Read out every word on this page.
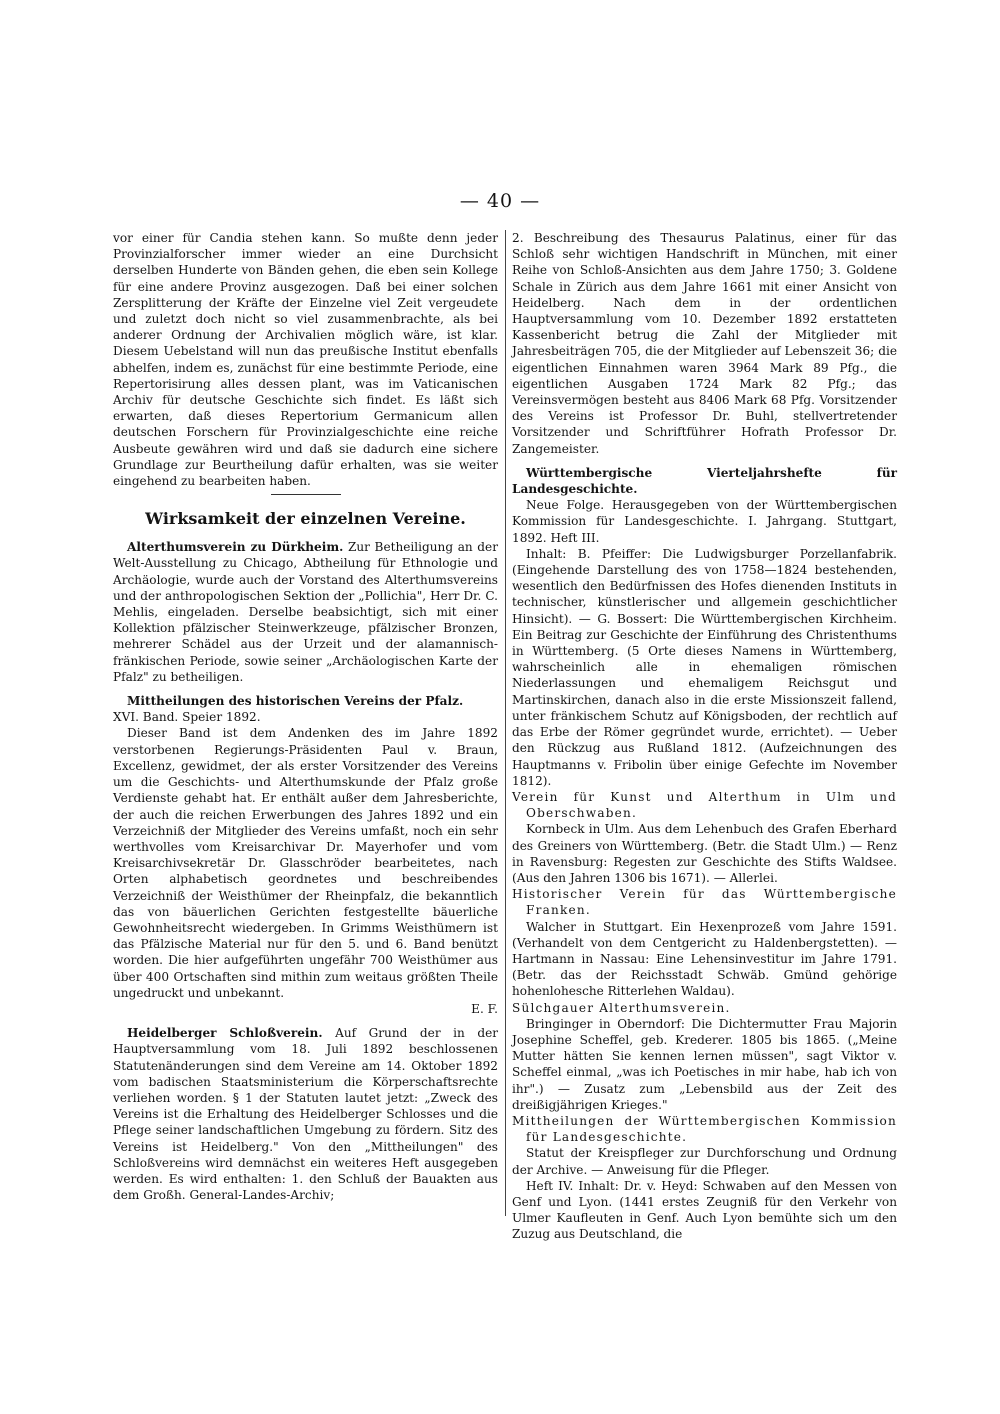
— 40 —

vor einer für Candia stehen kann. So mußte denn jeder Provinzialforscher immer wieder an eine Durchsicht derselben Hunderte von Bänden gehen, die eben sein Kollege für eine andere Provinz ausgezogen. Daß bei einer solchen Zersplitterung der Kräfte der Einzelne viel Zeit vergeudete und zuletzt doch nicht so viel zusammenbrachte, als bei anderer Ordnung der Archivalien möglich wäre, ist klar. Diesem Uebelstand will nun das preußische Institut ebenfalls abhelfen, indem es, zunächst für eine bestimmte Periode, eine Repertorisirung alles dessen plant, was im Vaticanischen Archiv für deutsche Geschichte sich findet. Es läßt sich erwarten, daß dieses Repertorium Germanicum allen deutschen Forschern für Provinzialgeschichte eine reiche Ausbeute gewähren wird und daß sie dadurch eine sichere Grundlage zur Beurtheilung dafür erhalten, was sie weiter eingehend zu bearbeiten haben.

Wirksamkeit der einzelnen Vereine.

Alterthumsverein zu Dürkheim. Zur Betheiligung an der Welt-Ausstellung zu Chicago, Abtheilung für Ethnologie und Archäologie, wurde auch der Vorstand des Alterthumsvereins und der anthropologischen Sektion der „Pollichia", Herr Dr. C. Mehlis, eingeladen. Derselbe beabsichtigt, sich mit einer Kollektion pfälzischer Steinwerkzeuge, pfälzischer Bronzen, mehrerer Schädel aus der Urzeit und der alamannisch-fränkischen Periode, sowie seiner „Archäologischen Karte der Pfalz" zu betheiligen.

Mittheilungen des historischen Vereins der Pfalz.

XVI. Band. Speier 1892.

Dieser Band ist dem Andenken des im Jahre 1892 verstorbenen Regierungs-Präsidenten Paul v. Braun, Excellenz, gewidmet, der als erster Vorsitzender des Vereins um die Geschichts- und Alterthumskunde der Pfalz große Verdienste gehabt hat. Er enthält außer dem Jahresberichte, der auch die reichen Erwerbungen des Jahres 1892 und ein Verzeichniß der Mitglieder des Vereins umfaßt, noch ein sehr werthvolles vom Kreisarchivar Dr. Mayerhofer und vom Kreisarchivsekretär Dr. Glasschröder bearbeitetes, nach Orten alphabetisch geordnetes und beschreibendes Verzeichniß der Weisthümer der Rheinpfalz, die bekanntlich das von bäuerlichen Gerichten festgestellte bäuerliche Gewohnheitsrecht wiedergeben. In Grimms Weisthümern ist das Pfälzische Material nur für den 5. und 6. Band benützt worden. Die hier aufgeführten ungefähr 700 Weisthümer aus über 400 Ortschaften sind mithin zum weitaus größten Theile ungedruckt und unbekannt.

E. F.

Heidelberger Schloßverein. Auf Grund der in der Hauptversammlung vom 18. Juli 1892 beschlossenen Statutenänderungen sind dem Vereine am 14. Oktober 1892 vom badischen Staatsministerium die Körperschaftsrechte verliehen worden. § 1 der Statuten lautet jetzt: „Zweck des Vereins ist die Erhaltung des Heidelberger Schlosses und die Pflege seiner landschaftlichen Umgebung zu fördern. Sitz des Vereins ist Heidelberg." Von den „Mittheilungen" des Schloßvereins wird demnächst ein weiteres Heft ausgegeben werden. Es wird enthalten: 1. den Schluß der Bauakten aus dem Großh. General-Landes-Archiv;

2. Beschreibung des Thesaurus Palatinus, einer für das Schloß sehr wichtigen Handschrift in München, mit einer Reihe von Schloß-Ansichten aus dem Jahre 1750; 3. Goldene Schale in Zürich aus dem Jahre 1661 mit einer Ansicht von Heidelberg. Nach dem in der ordentlichen Hauptversammlung vom 10. Dezember 1892 erstatteten Kassenbericht betrug die Zahl der Mitglieder mit Jahresbeiträgen 705, die der Mitglieder auf Lebenszeit 36; die eigentlichen Einnahmen waren 3964 Mark 89 Pfg., die eigentlichen Ausgaben 1724 Mark 82 Pfg.; das Vereinsvermögen besteht aus 8406 Mark 68 Pfg. Vorsitzender des Vereins ist Professor Dr. Buhl, stellvertretender Vorsitzender und Schriftführer Hofrath Professor Dr. Zangemeister.

Württembergische Vierteljahrshefte für Landesgeschichte.

Neue Folge. Herausgegeben von der Württembergischen Kommission für Landesgeschichte. I. Jahrgang. Stuttgart, 1892. Heft III.

Inhalt: B. Pfeiffer: Die Ludwigsburger Porzellanfabrik. (Eingehende Darstellung des von 1758—1824 bestehenden, wesentlich den Bedürfnissen des Hofes dienenden Instituts in technischer, künstlerischer und allgemein geschichtlicher Hinsicht). — G. Bossert: Die Württembergischen Kirchheim. Ein Beitrag zur Geschichte der Einführung des Christenthums in Württemberg. (5 Orte dieses Namens in Württemberg, wahrscheinlich alle in ehemaligen römischen Niederlassungen und ehemaligem Reichsgut und Martinskirchen, danach also in die erste Missionszeit fallend, unter fränkischem Schutz auf Königsboden, der rechtlich auf das Erbe der Römer gegründet wurde, errichtet). — Ueber den Rückzug aus Rußland 1812. (Aufzeichnungen des Hauptmanns v. Fribolin über einige Gefechte im November 1812).

Verein für Kunst und Alterthum in Ulm und Oberschwaben.

Kornbeck in Ulm. Aus dem Lehenbuch des Grafen Eberhard des Greiners von Württemberg. (Betr. die Stadt Ulm.) — Renz in Ravensburg: Regesten zur Geschichte des Stifts Waldsee. (Aus den Jahren 1306 bis 1671). — Allerlei.

Historischer Verein für das Württembergische Franken.

Walcher in Stuttgart. Ein Hexenprozeß vom Jahre 1591. (Verhandelt von dem Centgericht zu Haldenbergstetten). — Hartmann in Nassau: Eine Lehensinvestitur im Jahre 1791. (Betr. das der Reichsstadt Schwäb. Gmünd gehörige hohenlohesche Ritterlehen Waldau).

Sülchgauer Alterthumsverein.

Bringinger in Oberndorf: Die Dichtermutter Frau Majorin Josephine Scheffel, geb. Krederer. 1805 bis 1865. („Meine Mutter hätten Sie kennen lernen müssen", sagt Viktor v. Scheffel einmal, „was ich Poetisches in mir habe, hab ich von ihr".) — Zusatz zum „Lebensbild aus der Zeit des dreißigjährigen Krieges."

Mittheilungen der Württembergischen Kommission für Landesgeschichte.

Statut der Kreispfleger zur Durchforschung und Ordnung der Archive. — Anweisung für die Pfleger.

Heft IV. Inhalt: Dr. v. Heyd: Schwaben auf den Messen von Genf und Lyon. (1441 erstes Zeugniß für den Verkehr von Ulmer Kaufleuten in Genf. Auch Lyon bemühte sich um den Zuzug aus Deutschland, die
